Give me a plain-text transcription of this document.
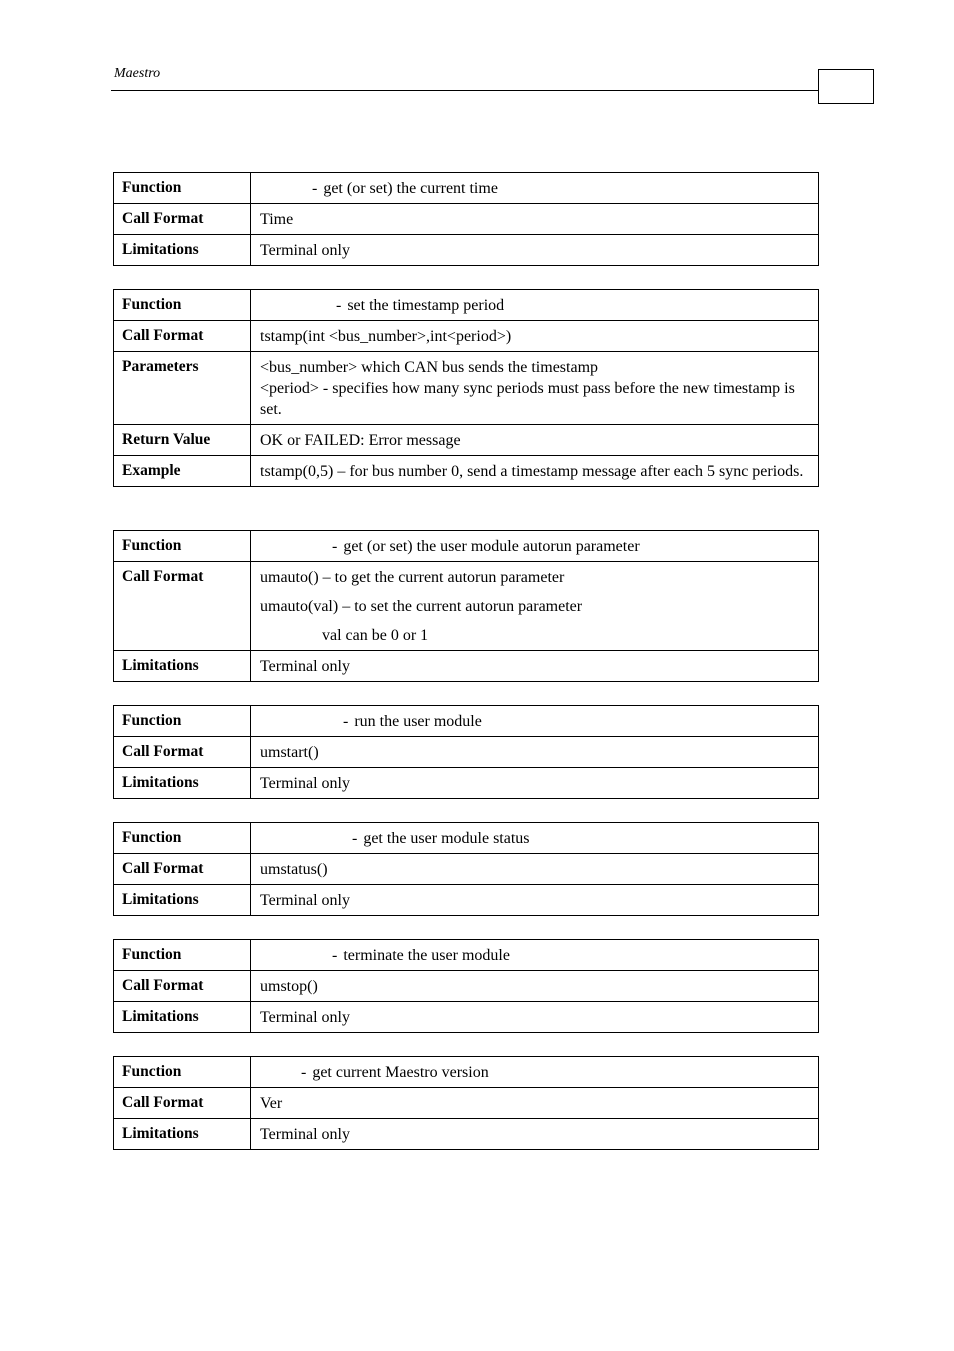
Maestro
Function	- get (or set) the current time
Call Format	Time

Limitations	Terminal only
Function	- set the timestamp period
Call Format	tstamp(int <bus_number>,int<period>)

Parameters	<bus_number> which CAN bus sends the timestamp
<period> - specifies how many sync periods must pass before the new timestamp is set.

Return Value	OK or FAILED: Error message

Example	tstamp(0,5) – for bus number 0, send a timestamp message after each 5 sync periods.
Function	- get (or set) the user module autorun parameter
Call Format	umauto() – to get the current autorun parameter
umauto(val) – to set the current autorun parameter
val can be 0 or 1

Limitations	Terminal only
Function	- run the user module
Call Format	umstart()

Limitations	Terminal only
Function	- get the user module status
Call Format	umstatus()

Limitations	Terminal only
Function	- terminate the user module
Call Format	umstop()

Limitations	Terminal only
Function	- get current Maestro version
Call Format	Ver

Limitations	Terminal only
